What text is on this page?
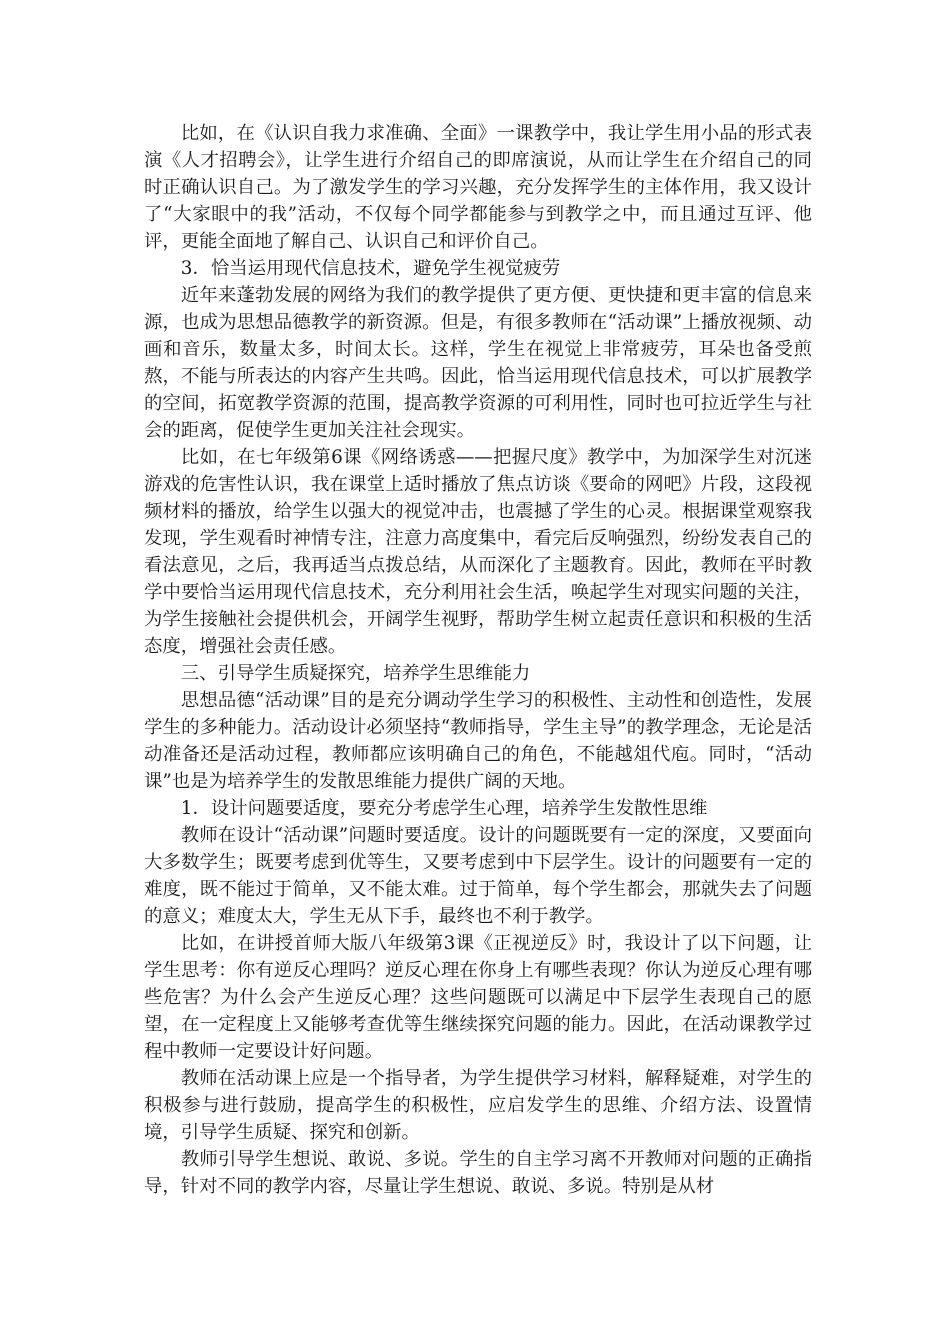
比如，在《认识自我力求准确、全面》一课教学中，我让学生用小品的形式表演《人才招聘会》，让学生进行介绍自己的即席演说，从而让学生在介绍自己的同时正确认识自己。为了激发学生的学习兴趣，充分发挥学生的主体作用，我又设计了“大家眼中的我”活动，不仅每个同学都能参与到教学之中，而且通过互评、他评，更能全面地了解自己、认识自己和评价自己。

3．恰当运用现代信息技术，避免学生视觉疲劳

近年来蓬勃发展的网络为我们的教学提供了更方便、更快捷和更丰富的信息来源，也成为思想品德教学的新资源。但是，有很多教师在“活动课”上播放视频、动画和音乐，数量太多，时间太长。这样，学生在视觉上非常疲劳，耳朵也备受煎熬，不能与所表达的内容产生共鸣。因此，恰当运用现代信息技术，可以扩展教学的空间，拓宽教学资源的范围，提高教学资源的可利用性，同时也可拉近学生与社会的距离，促使学生更加关注社会现实。

比如，在七年级第6课《网络诱惑——把握尺度》教学中，为加深学生对沉迷游戏的危害性认识，我在课堂上适时播放了焦点访谈《要命的网吧》片段，这段视频材料的播放，给学生以强大的视觉冲击，也震撼了学生的心灵。根据课堂观察我发现，学生观看时神情专注，注意力高度集中，看完后反响强烈，纷纷发表自己的看法意见，之后，我再适当点拨总结，从而深化了主题教育。因此，教师在平时教学中要恰当运用现代信息技术，充分利用社会生活，唤起学生对现实问题的关注，为学生接触社会提供机会，开阔学生视野，帮助学生树立起责任意识和积极的生活态度，增强社会责任感。

三、引导学生质疑探究，培养学生思维能力

思想品德“活动课”目的是充分调动学生学习的积极性、主动性和创造性，发展学生的多种能力。活动设计必须坚持“教师指导，学生主导”的教学理念，无论是活动准备还是活动过程，教师都应该明确自己的角色，不能越俎代庖。同时，“活动课”也是为培养学生的发散思维能力提供广阔的天地。

1．设计问题要适度，要充分考虑学生心理，培养学生发散性思维

教师在设计“活动课”问题时要适度。设计的问题既要有一定的深度，又要面向大多数学生；既要考虑到优等生，又要考虑到中下层学生。设计的问题要有一定的难度，既不能过于简单，又不能太难。过于简单，每个学生都会，那就失去了问题的意义；难度太大，学生无从下手，最终也不利于教学。

比如，在讲授首师大版八年级第3课《正视逆反》时，我设计了以下问题，让学生思考：你有逆反心理吗？逆反心理在你身上有哪些表现？你认为逆反心理有哪些危害？为什么会产生逆反心理？这些问题既可以满足中下层学生表现自己的愿望，在一定程度上又能够考查优等生继续探究问题的能力。因此，在活动课教学过程中教师一定要设计好问题。

教师在活动课上应是一个指导者，为学生提供学习材料，解释疑难，对学生的积极参与进行鼓励，提高学生的积极性，应启发学生的思维、介绍方法、设置情境，引导学生质疑、探究和创新。

教师引导学生想说、敢说、多说。学生的自主学习离不开教师对问题的正确指导，针对不同的教学内容，尽量让学生想说、敢说、多说。特别是从材
